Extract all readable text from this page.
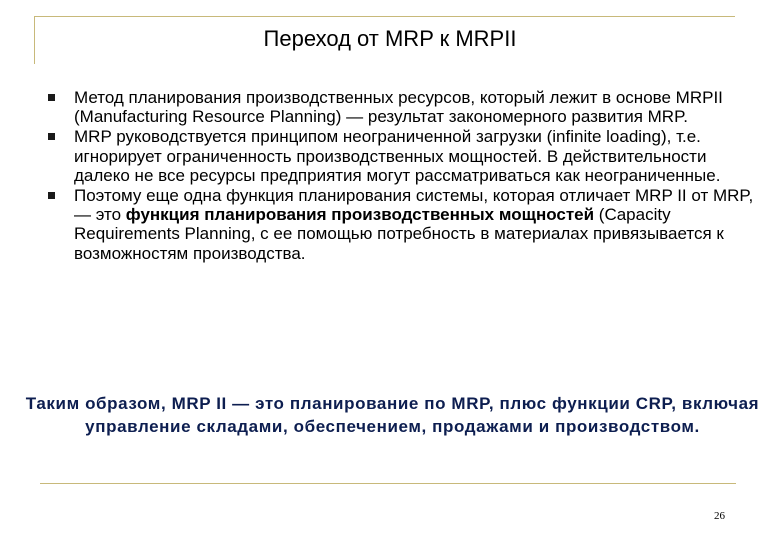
Переход от MRP к MRPII
Метод планирования производственных ресурсов, который лежит в основе MRPII (Manufacturing Resource Planning) — результат закономерного развития MRP.
MRP руководствуется принципом неограниченной загрузки (infinite loading), т.е. игнорирует ограниченность производственных мощностей. В действительности далеко не все ресурсы предприятия могут рассматриваться как неограниченные.
Поэтому еще одна функция планирования системы, которая отличает MRP II от MRP, — это функция планирования производственных мощностей (Capacity Requirements Planning, с ее помощью потребность в материалах привязывается к возможностям производства.
Таким образом, MRP II — это планирование по MRP, плюс функции CRP, включая управление складами, обеспечением, продажами и производством.
26
